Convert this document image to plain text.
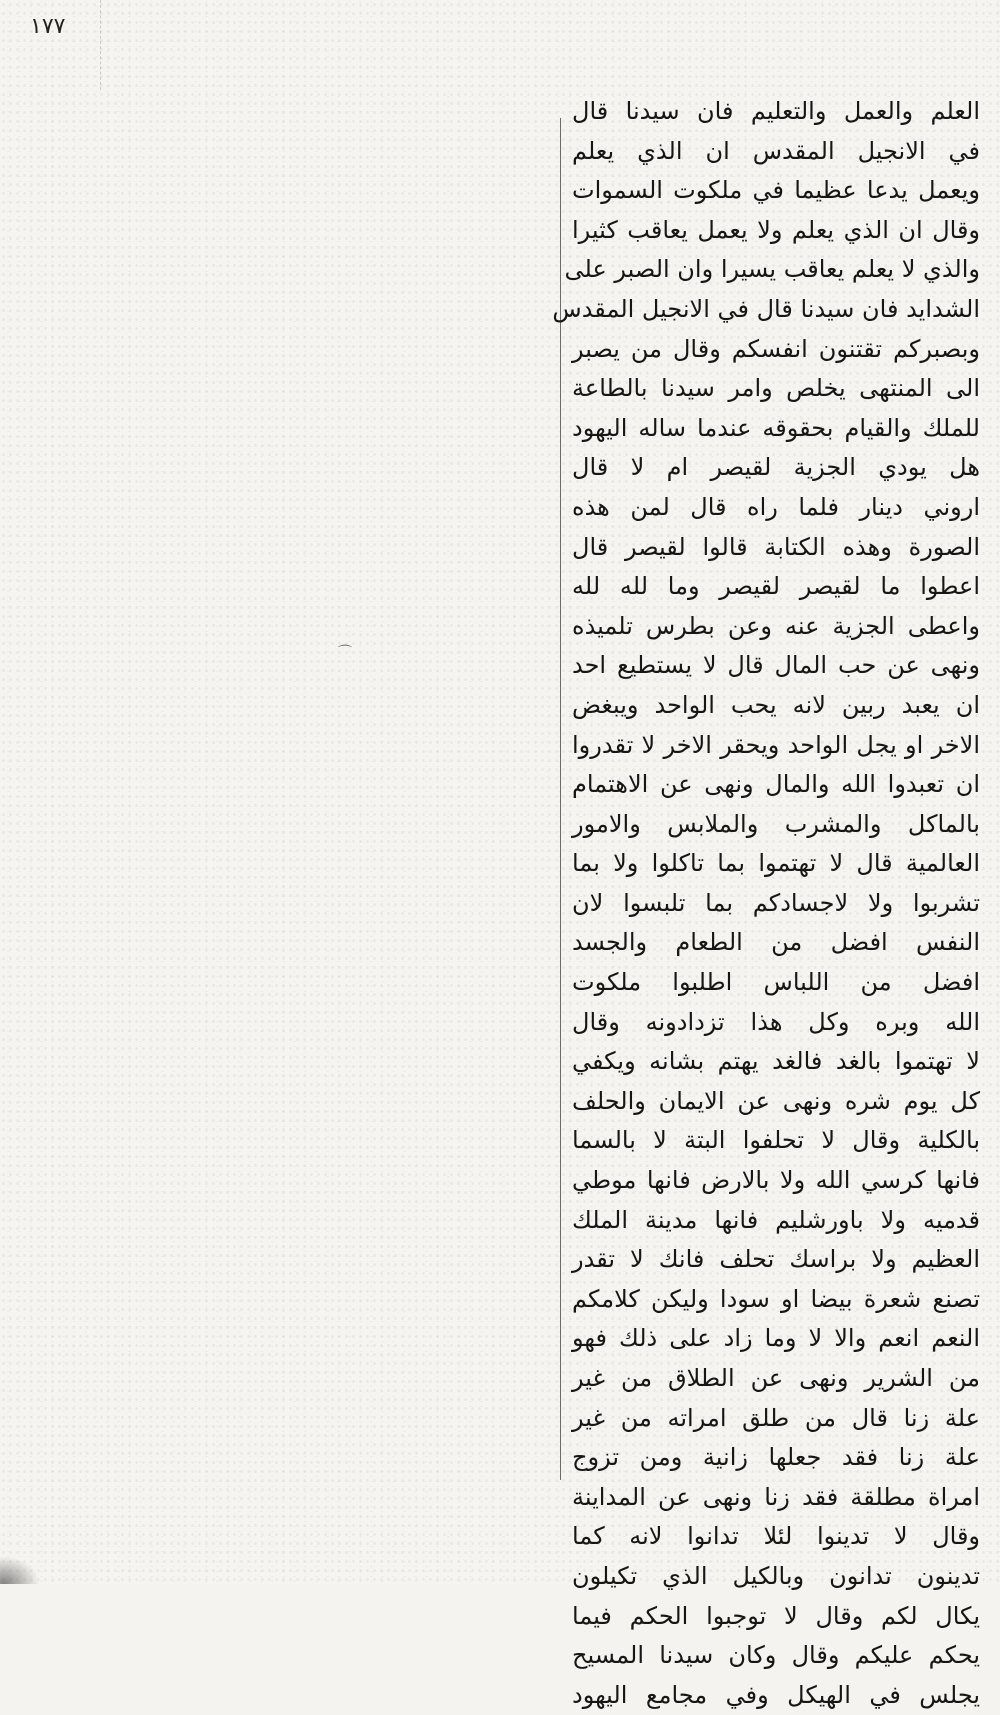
١٧٧
⌒
العلم والعمل والتعليم فان سيدنا قال
في الانجيل المقدس ان الذي يعلم
ويعمل يدعا عظيما في ملكوت السموات
وقال ان الذي يعلم ولا يعمل يعاقب كثيرا
والذي لا يعلم يعاقب يسيرا وان الصبر على
الشدايد فان سيدنا قال في الانجيل المقدس
وبصبركم تقتنون انفسكم وقال من يصبر
الى المنتهى يخلص وامر سيدنا بالطاعة
للملك والقيام بحقوقه عندما ساله اليهود
هل يودي الجزية لقيصر ام لا قال
اروني دينار فلما راه قال لمن هذه
الصورة وهذه الكتابة قالوا لقيصر قال
اعطوا ما لقيصر لقيصر وما لله لله
واعطى الجزية عنه وعن بطرس تلميذه
ونهى عن حب المال قال لا يستطيع احد
ان يعبد ربين لانه يحب الواحد ويبغض
الاخر او يجل الواحد ويحقر الاخر لا تقدروا
ان تعبدوا الله والمال ونهى عن الاهتمام
بالماكل والمشرب والملابس والامور
العالمية قال لا تهتموا بما تاكلوا ولا بما
تشربوا ولا لاجسادكم بما تلبسوا لان
النفس افضل من الطعام والجسد
افضل من اللباس اطلبوا ملكوت
الله وبره وكل هذا تزدادونه وقال
لا تهتموا بالغد فالغد يهتم بشانه ويكفي
كل يوم شره ونهى عن الايمان والحلف
بالكلية وقال لا تحلفوا البتة لا بالسما
فانها كرسي الله ولا بالارض فانها موطي
قدميه ولا باورشليم فانها مدينة الملك
العظيم ولا براسك تحلف فانك لا تقدر
تصنع شعرة بيضا او سودا وليكن كلامكم
النعم انعم والا لا وما زاد على ذلك فهو
من الشرير ونهى عن الطلاق من غير
علة زنا قال من طلق امراته من غير
علة زنا فقد جعلها زانية ومن تزوج
امراة مطلقة فقد زنا ونهى عن المداينة
وقال لا تدينوا لئلا تدانوا لانه كما
تدينون تدانون وبالكيل الذي تكيلون
يكال لكم وقال لا توجبوا الحكم فيما
يحكم عليكم وقال وكان سيدنا المسيح
يجلس في الهيكل وفي مجامع اليهود
